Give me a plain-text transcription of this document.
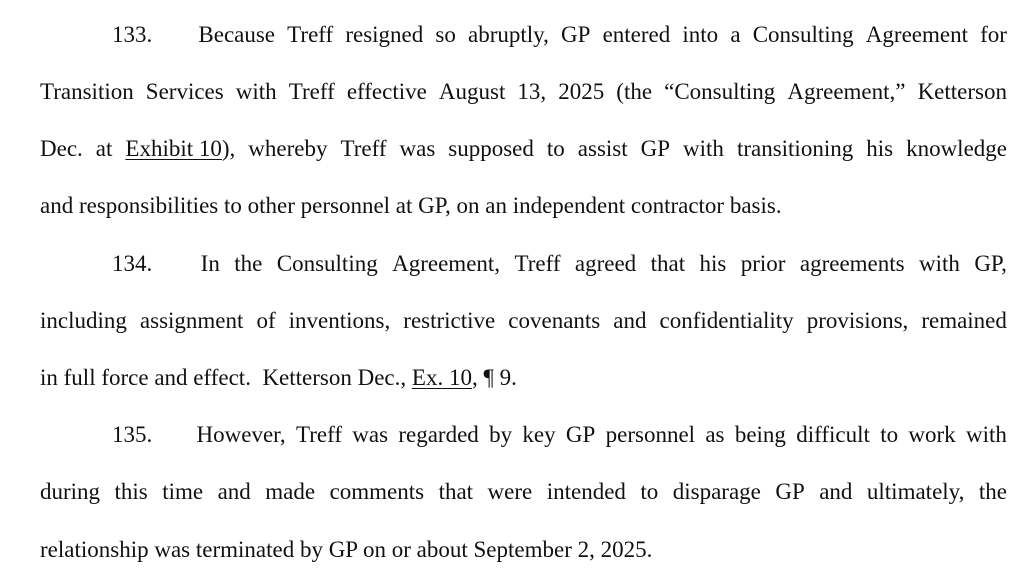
133. Because Treff resigned so abruptly, GP entered into a Consulting Agreement for
Transition Services with Treff effective August 13, 2025 (the “Consulting Agreement,” Ketterson
Dec. at Exhibit 10), whereby Treff was supposed to assist GP with transitioning his knowledge
and responsibilities to other personnel at GP, on an independent contractor basis.
134. In the Consulting Agreement, Treff agreed that his prior agreements with GP,
including assignment of inventions, restrictive covenants and confidentiality provisions, remained
in full force and effect.  Ketterson Dec., Ex. 10 , ¶ 9.
135. However, Treff was regarded by key GP personnel as being difficult to work with
during this time and made comments that were intended to disparage GP and ultimately, the
relationship was terminated by GP on or about September 2, 2025.
